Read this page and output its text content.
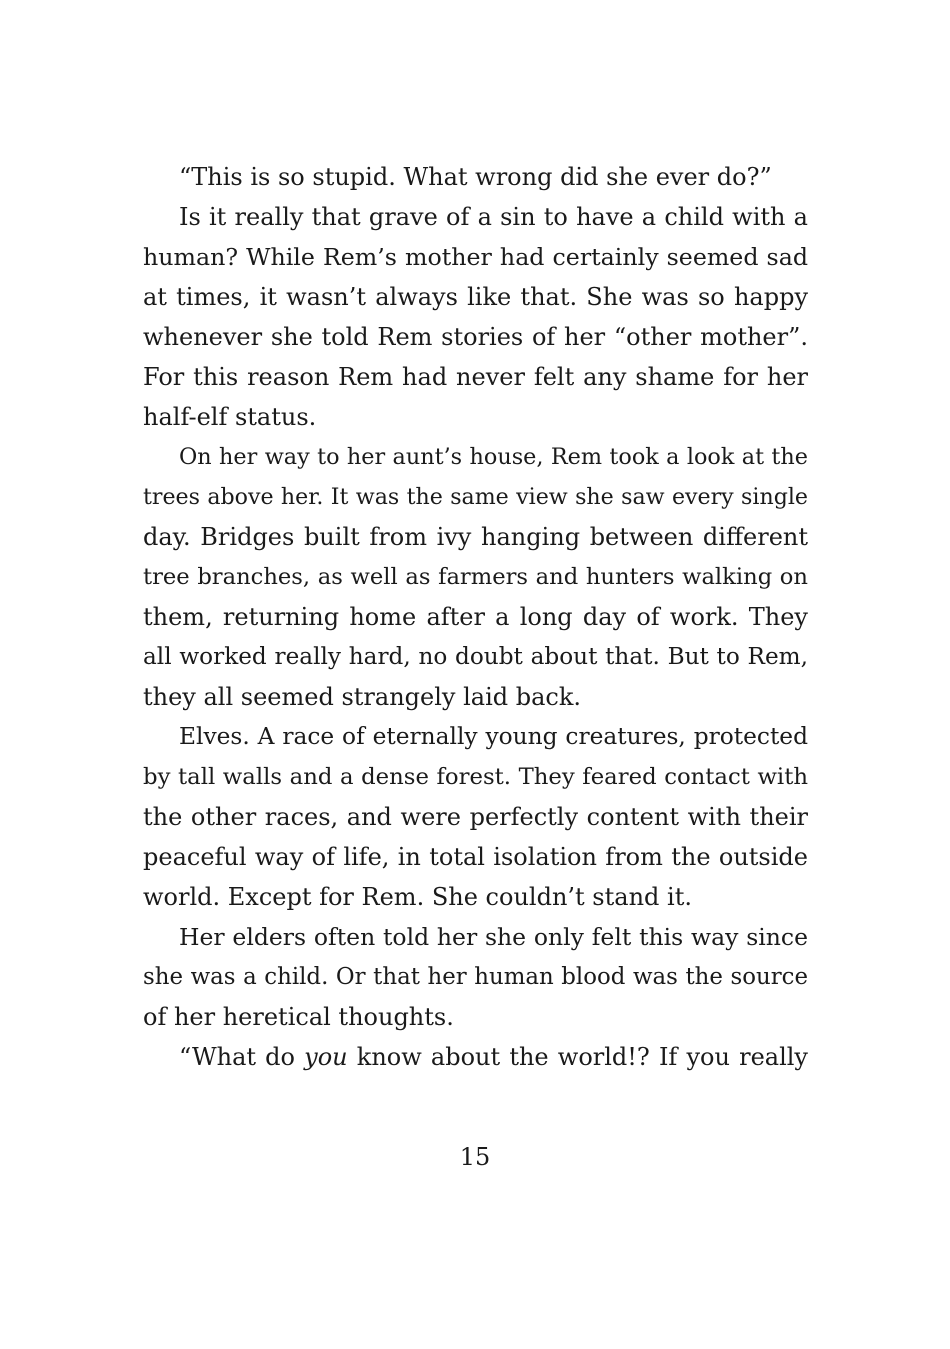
“This is so stupid. What wrong did she ever do?”
Is it really that grave of a sin to have a child with a
human? While Rem’s mother had certainly seemed sad
at times, it wasn’t always like that. She was so happy
whenever she told Rem stories of her “other mother”.
For this reason Rem had never felt any shame for her
half-elf status.
On her way to her aunt’s house, Rem took a look at the
trees above her. It was the same view she saw every single
day. Bridges built from ivy hanging between different
tree branches, as well as farmers and hunters walking on
them, returning home after a long day of work. They
all worked really hard, no doubt about that. But to Rem,
they all seemed strangely laid back.
Elves. A race of eternally young creatures, protected
by tall walls and a dense forest. They feared contact with
the other races, and were perfectly content with their
peaceful way of life, in total isolation from the outside
world. Except for Rem. She couldn’t stand it.
Her elders often told her she only felt this way since
she was a child. Or that her human blood was the source
of her heretical thoughts.
“What do you know about the world!? If you really
15
